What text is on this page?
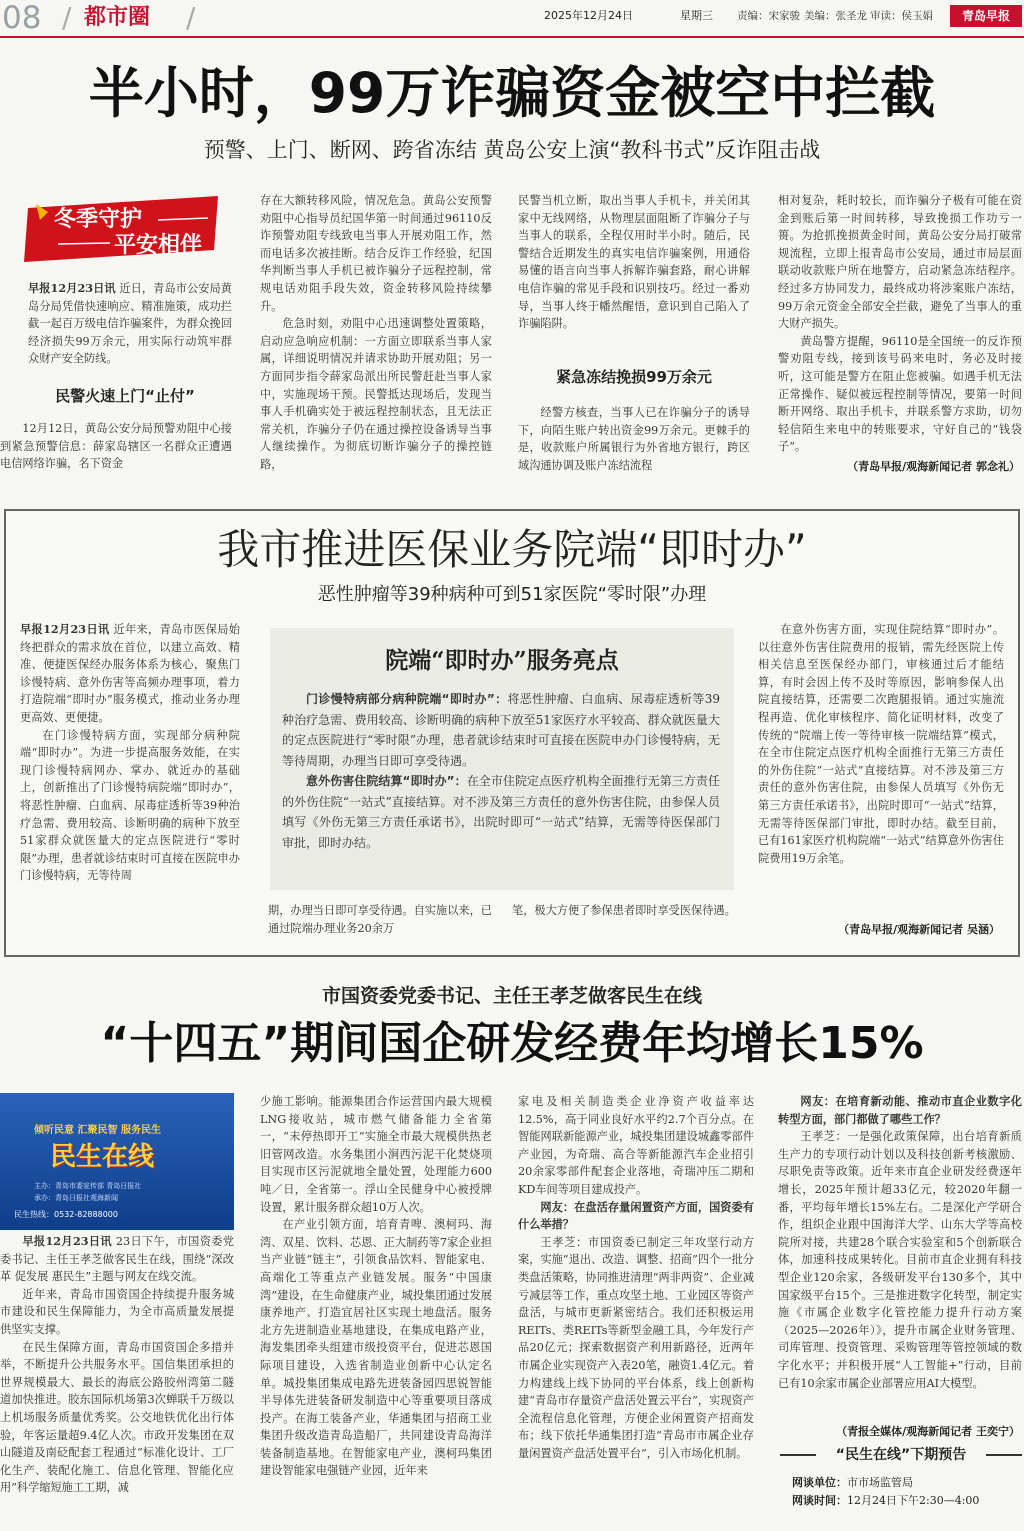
08 / 都市圈	/	2025年12月24日	星期三	责编：宋家骏 美编：张圣龙 审读：侯玉娟	青岛早报
半小时，99万诈骗资金被空中拦截
预警、上门、断网、跨省冻结 黄岛公安上演“教科书式”反诈阻击战
冬季守护
平安相伴

早报12月23日讯 近日，青岛市公安局黄岛分局凭借快速响应、精准施策，成功拦截一起百万级电信诈骗案件，为群众挽回经济损失99万余元，用实际行动筑牢群众财产安全防线。

民警火速上门“止付”

12月12日，黄岛公安分局预警劝阻中心接到紧急预警信息：薛家岛辖区一名群众正遭遇电信网络诈骗，名下资金

存在大额转移风险，情况危急。黄岛公安预警劝阻中心指导员纪国华第一时间通过96110反诈预警劝阻专线致电当事人开展劝阻工作，然而电话多次被挂断。结合反诈工作经验，纪国华判断当事人手机已被诈骗分子远程控制，常规电话劝阻手段失效，资金转移风险持续攀升。

危急时刻，劝阻中心迅速调整处置策略，启动应急响应机制：一方面立即联系当事人家属，详细说明情况并请求协助开展劝阻；另一方面同步指令薛家岛派出所民警赶赴当事人家中，实施现场干预。民警抵达现场后，发现当事人手机确实处于被远程控制状态，且无法正常关机，诈骗分子仍在通过操控设备诱导当事人继续操作。为彻底切断诈骗分子的操控链路，

民警当机立断，取出当事人手机卡，并关闭其家中无线网络，从物理层面阻断了诈骗分子与当事人的联系，全程仅用时半小时。随后，民警结合近期发生的真实电信诈骗案例，用通俗易懂的语言向当事人拆解诈骗套路，耐心讲解电信诈骗的常见手段和识别技巧。经过一番劝导，当事人终于幡然醒悟，意识到自己陷入了诈骗陷阱。

紧急冻结挽损99万余元

经警方核查，当事人已在诈骗分子的诱导下，向陌生账户转出资金99万余元。更棘手的是，收款账户所属银行为外省地方银行，跨区域沟通协调及账户冻结流程

相对复杂，耗时较长，而诈骗分子极有可能在资金到账后第一时间转移，导致挽损工作功亏一篑。为抢抓挽损黄金时间，黄岛公安分局打破常规流程，立即上报青岛市公安局，通过市局层面联动收款账户所在地警方，启动紧急冻结程序。经过多方协同发力，最终成功将涉案账户冻结，99万余元资金全部安全拦截，避免了当事人的重大财产损失。

黄岛警方提醒，96110是全国统一的反诈预警劝阻专线，接到该号码来电时，务必及时接听，这可能是警方在阻止您被骗。如遇手机无法正常操作、疑似被远程控制等情况，要第一时间断开网络、取出手机卡，并联系警方求助，切勿轻信陌生来电中的转账要求，守好自己的“钱袋子”。

（青岛早报/观海新闻记者 郭念礼）
我市推进医保业务院端“即时办”
恶性肿瘤等39种病种可到51家医院“零时限”办理

早报12月23日讯 近年来，青岛市医保局始终把群众的需求放在首位，以建立高效、精准、便捷医保经办服务体系为核心，聚焦门诊慢特病、意外伤害等高频办理事项，着力打造院端“即时办”服务模式，推动业务办理更高效、更便捷。

在门诊慢特病方面，实现部分病种院端“即时办”。为进一步提高服务效能，在实现门诊慢特病网办、掌办、就近办的基础上，创新推出了门诊慢特病院端“即时办”，将恶性肿瘤、白血病、尿毒症透析等39种治疗急需、费用较高、诊断明确的病种下放至51家群众就医量大的定点医院进行“零时限”办理，患者就诊结束时可直接在医院申办门诊慢特病，无等待周

院端“即时办”服务亮点

门诊慢特病部分病种院端“即时办”：将恶性肿瘤、白血病、尿毒症透析等39种治疗急需、费用较高、诊断明确的病种下放至51家医疗水平较高、群众就医量大的定点医院进行“零时限”办理，患者就诊结束时可直接在医院申办门诊慢特病，无等待周期，办理当日即可享受待遇。

意外伤害住院结算“即时办”：在全市住院定点医疗机构全面推行无第三方责任的外伤住院“一站式”直接结算。对不涉及第三方责任的意外伤害住院，由参保人员填写《外伤无第三方责任承诺书》，出院时即可“一站式”结算，无需等待医保部门审批，即时办结。

期，办理当日即可享受待遇。自实施以来，已通过院端办理业务20余万

笔，极大方便了参保患者即时享受医保待遇。

在意外伤害方面，实现住院结算“即时办”。以往意外伤害住院费用的报销，需先经医院上传相关信息至医保经办部门，审核通过后才能结算，有时会因上传不及时等原因，影响参保人出院直接结算，还需要二次跑腿报销。通过实施流程再造、优化审核程序、简化证明材料，改变了传统的“院端上传一等待审核一院端结算”模式，在全市住院定点医疗机构全面推行无第三方责任的外伤住院“一站式”直接结算。对不涉及第三方责任的意外伤害住院，由参保人员填写《外伤无第三方责任承诺书》，出院时即可“一站式”结算，无需等待医保部门审批，即时办结。截至目前，已有161家医疗机构院端“一站式”结算意外伤害住院费用19万余笔。

（青岛早报/观海新闻记者 吴涵）
市国资委党委书记、主任王孝芝做客民生在线
“十四五”期间国企研发经费年均增长15%
倾听民意 汇聚民智 服务民生
民生在线
主办：青岛市委宣传部 青岛日报社
承办：青岛日报社观海新闻
民生热线：0532-82888000

早报12月23日讯 23日下午，市国资委党委书记、主任王孝芝做客民生在线，围绕“深改革 促发展 惠民生”主题与网友在线交流。

近年来，青岛市国资国企持续提升服务城市建设和民生保障能力，为全市高质量发展提供坚实支撑。

在民生保障方面，青岛市国资国企多措并举，不断提升公共服务水平。国信集团承担的世界规模最大、最长的海底公路胶州湾第二隧道加快推进。胶东国际机场第3次蝉联千万级以上机场服务质量优秀奖。公交地铁优化出行体验，年客运量超9.4亿人次。市政开发集团在双山隧道及南砭配套工程通过“标准化设计、工厂化生产、装配化施工、信息化管理、智能化应用”科学缩短施工工期，减

少施工影响。能源集团合作运营国内最大规模LNG接收站，城市燃气储备能力全省第一，“未停热即开工”实施全市最大规模供热老旧管网改造。水务集团小涧西污泥干化焚烧项目实现市区污泥就地全量处置，处理能力600吨／日，全省第一。浮山全民健身中心被授牌设置，累计服务群众超10万人次。

在产业引领方面，培育青啤、澳柯玛、海湾、双星、饮料、芯恩、正大制药等7家企业担当产业链“链主”，引领食品饮料、智能家电、高端化工等重点产业链发展。服务“中国康湾”建设，在生命健康产业，城投集团通过发展康养地产、打造宜居社区实现土地盘活。服务北方先进制造业基地建设，在集成电路产业，海发集团牵头组建市级投资平台，促进芯恩国际项目建设，入选省制造业创新中心认定名单。城投集团集成电路先进装备园四思锐智能半导体先进装备研发制造中心等重要项目落成投产。在海工装备产业，华通集团与招商工业集团升级改造青岛造船厂，共同建设青岛海洋装备制造基地。在智能家电产业，澳柯玛集团建设智能家电强链产业园，近年来

家电及相关制造类企业净资产收益率达12.5%，高于同业良好水平约2.7个百分点。在智能网联新能源产业，城投集团建设城鑫零部件产业园，为奇瑞、高合等新能源汽车企业招引20余家零部件配套企业落地，奇瑞冲压二期和KD车间等项目建成投产。

网友：在盘活存量闲置资产方面，国资委有什么举措？

王孝芝：市国资委已制定三年攻坚行动方案，实施“退出、改造、调整、招商”四个一批分类盘活策略，协同推进清理“两非两资”、企业减亏减层等工作，重点攻坚土地、工业园区等资产盘活，与城市更新紧密结合。我们还积极运用REITs、类REITs等新型金融工具，今年发行产品20亿元；探索数据资产利用新路径，近两年市属企业实现资产入表20笔，融资1.4亿元。着力构建线上线下协同的平台体系，线上创新构建“青岛市存量资产盘活处置云平台”，实现资产全流程信息化管理，方便企业闲置资产招商发布；线下依托华通集团打造“青岛市市属企业存量闲置资产盘活处置平台”，引入市场化机制。

网友：在培育新动能、推动市直企业数字化转型方面，部门都做了哪些工作？

王孝芝：一是强化政策保障，出台培育新质生产力的专项行动计划以及科技创新考核激励、尽职免责等政策。近年来市直企业研发经费逐年增长，2025年预计超33亿元，较2020年翻一番，平均每年增长15%左右。二是深化产学研合作，组织企业跟中国海洋大学、山东大学等高校院所对接，共建28个联合实验室和5个创新联合体，加速科技成果转化。目前市直企业拥有科技型企业120余家，各级研发平台130多个，其中国家级平台15个。三是推进数字化转型，制定实施《市属企业数字化管控能力提升行动方案（2025—2026年）》，提升市属企业财务管理、司库管理、投资管理、采购管理等管控领域的数字化水平；并积极开展“人工智能+”行动，目前已有10余家市属企业部署应用AI大模型。

（青报全媒体/观海新闻记者 王奕宁）
“民生在线”下期预告
网谈单位：市市场监管局
网谈时间：12月24日下午2:30—4:00
